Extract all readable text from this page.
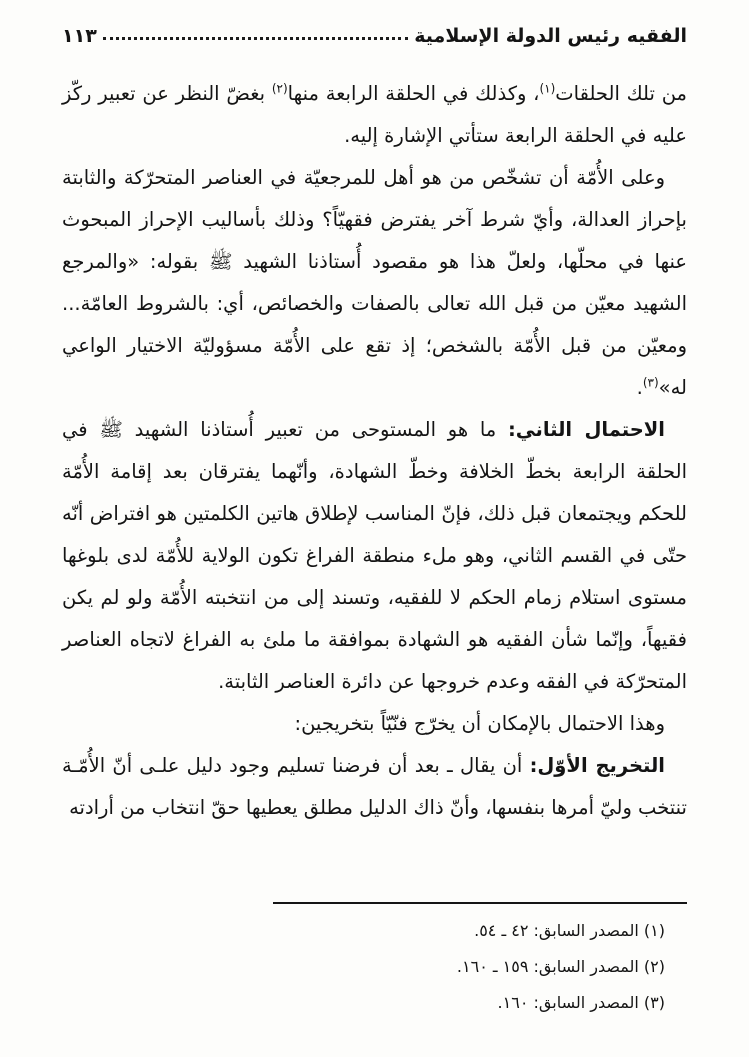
الفقيه رئيس الدولة الإسلامية
١١٣

من تلك الحلقات$^{(١)}$، وكذلك في الحلقة الرابعة منها$^{(٢)}$ بغضّ النظر عن تعبير ركّز عليه في الحلقة الرابعة ستأتي الإشارة إليه.

وعلى الأُمّة أن تشخّص من هو أهل للمرجعيّة في العناصر المتحرّكة والثابتة بإحراز العدالة، وأيّ شرط آخر يفترض فقهيّاً؟ وذلك بأساليب الإحراز المبحوث عنها في محلّها، ولعلّ هذا هو مقصود أُستاذنا الشهيد ﷺ بقوله: «والمرجع الشهيد معيّن من قبل الله تعالى بالصفات والخصائص، أي: بالشروط العامّة... ومعيّن من قبل الأُمّة بالشخص؛ إذ تقع على الأُمّة مسؤوليّة الاختيار الواعي له»$^{(٣)}$.

الاحتمال الثاني: ما هو المستوحى من تعبير أُستاذنا الشهيد ﷺ في الحلقة الرابعة بخطّ الخلافة وخطّ الشهادة، وأنّهما يفترقان بعد إقامة الأُمّة للحكم ويجتمعان قبل ذلك، فإنّ المناسب لإطلاق هاتين الكلمتين هو افتراض أنّه حتّى في القسم الثاني، وهو ملء منطقة الفراغ تكون الولاية للأُمّة لدى بلوغها مستوى استلام زمام الحكم لا للفقيه، وتسند إلى من انتخبته الأُمّة ولو لم يكن فقيهاً، وإنّما شأن الفقيه هو الشهادة بموافقة ما ملئ به الفراغ لاتجاه العناصر المتحرّكة في الفقه وعدم خروجها عن دائرة العناصر الثابتة.

وهذا الاحتمال بالإمكان أن يخرّج فنّيّاً بتخريجين:

التخريج الأوّل: أن يقال ـ بعد أن فرضنا تسليم وجود دليل علـى أنّ الأُمّـة تنتخب وليّ أمرها بنفسها، وأنّ ذاك الدليل مطلق يعطيها حقّ انتخاب من أرادته

(١) المصدر السابق: ٤٢ ـ ٥٤.
(٢) المصدر السابق: ١٥٩ ـ ١٦٠.
(٣) المصدر السابق: ١٦٠.
